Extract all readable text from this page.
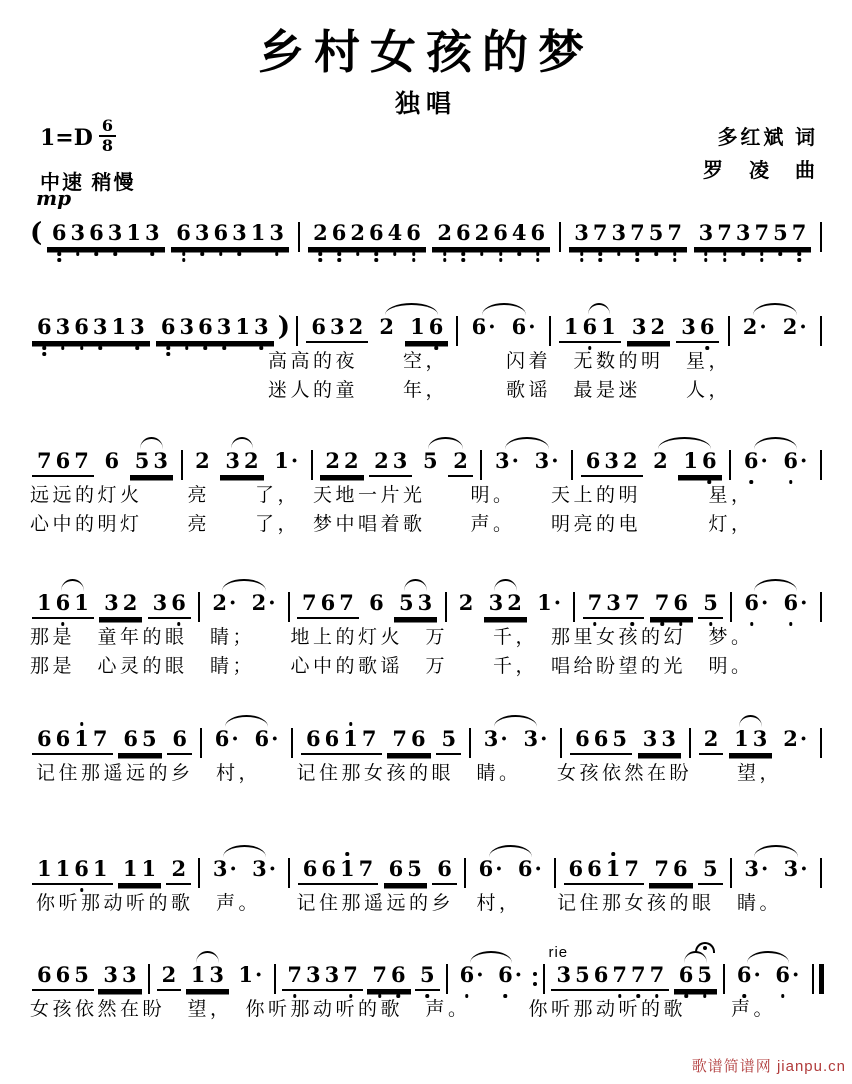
乡村女孩的梦
独唱
$1=D \frac{6}{8}$
中速 稍慢
多红斌 词
罗　凌　曲
mp
( 6 3 6 3 1 3 6 3 6 3 1 3 2 6 2 6 4 6 2 6 2 6 4 6 3 7 3 7 5 7 3 7 3 7 5 7
6 3 6 3 1 3 6 3 6 3 1 3 ) 6 3 2 2 1 6 6· 6· 1 6 1 3 2 3 6 2· 2·
高高的夜　　空，　　　闪着　无数的明　星，
迷人的童　　年，　　　歌谣　最是迷　　人，
7 6 7 6 5 3 2 3 2 1· 2 2 2 3 5 2 3· 3· 6 3 2 2 1 6 6
· 6
·
远远的灯火　　亮　　了，　天地一片光　　明。　　天上的明　　　星，
心中的明灯　　亮　　了，　梦中唱着歌　　声。　　明亮的电　　　灯，
1 6 1 3 2 3 6 2· 2· 7 6 7 6 5 3 2 3 2 1· 7 3 7 7 6 5 6
· 6
·
那是　童年的眼　睛；　　地上的灯火　万　　千，　那里女孩的幻　梦。
那是　心灵的眼　睛；　　心中的歌谣　万　　千，　唱给盼望的光　明。
6 6 1 7 6 5 6 6· 6· 6 6 1 7 7 6 5 3· 3· 6 6 5 3 3 2 1 3 2·
记住那遥远的乡　村，　　记住那女孩的眼　睛。　　女孩依然在盼　　望，
1 1 6 1 1 1 2 3· 3· 6 6 1 7 6 5 6 6· 6· 6 6 1 7 7 6 5 3· 3·
你听那动听的歌　声。　　记住那遥远的乡　村，　　记住那女孩的眼　睛。
6 6 5 3 3 2 1 3 1· 7 3 3 7 7 6 5 6
· 6
· 3
rie
5 6 7 7 7 6 5 6
· 6
·
女孩依然在盼　望，　你听那动听的歌　声。　　　你听那动听的歌　　声。
歌谱简谱网 jianpu.cn
